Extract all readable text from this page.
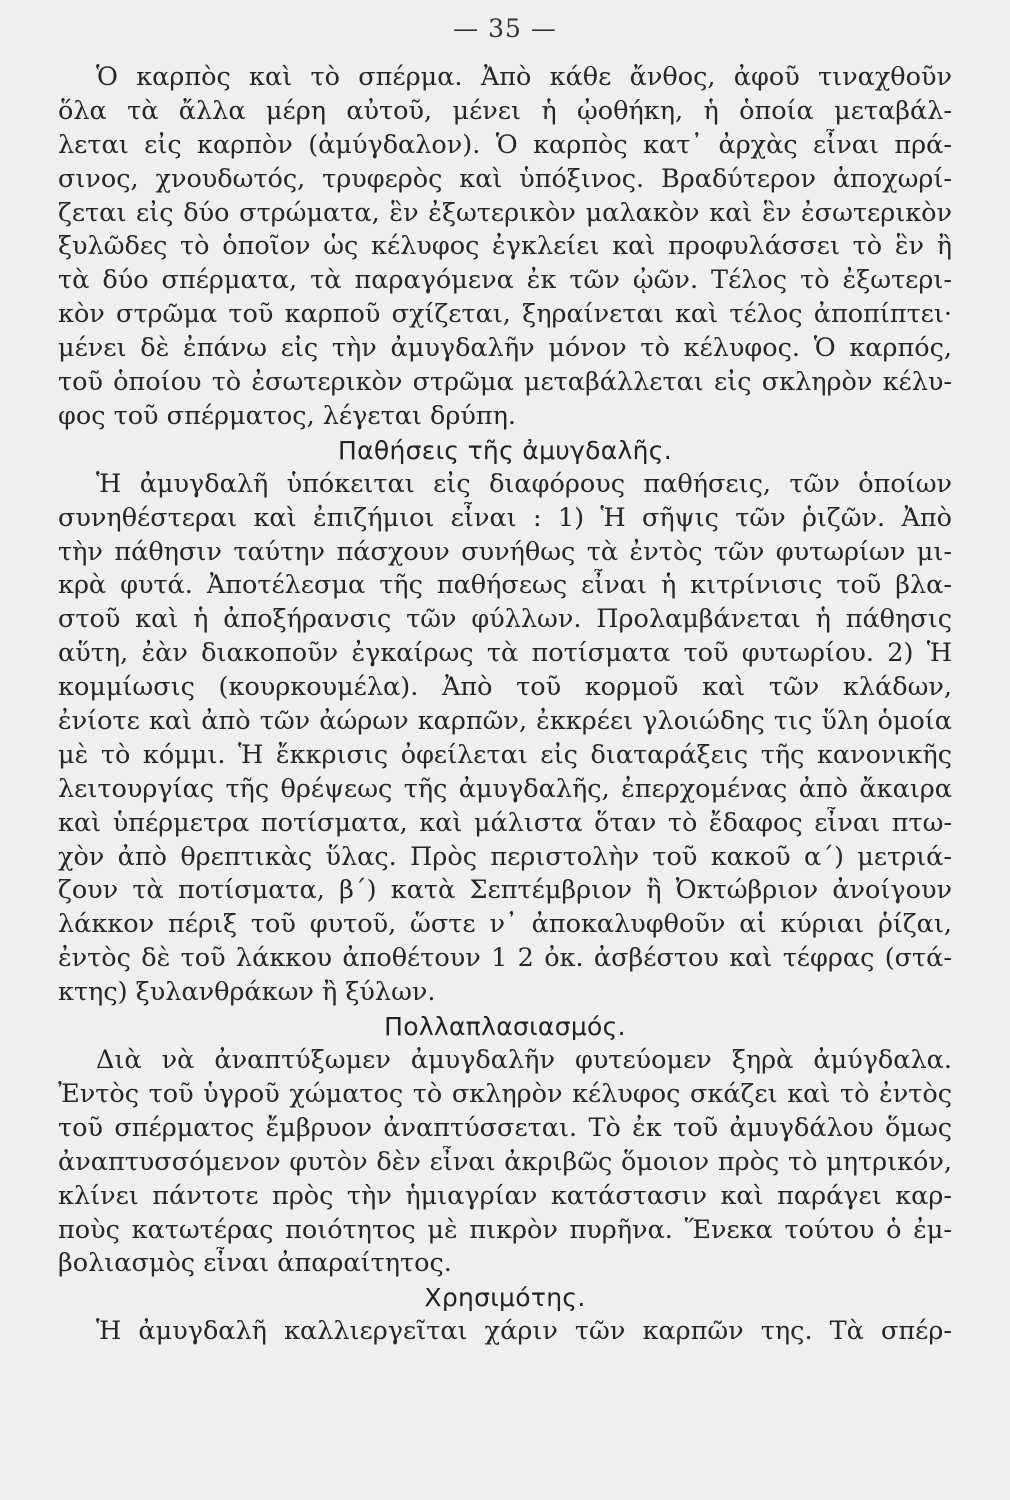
— 35 —
Ὁ καρπὸς καὶ τὸ σπέρμα. Ἀπὸ κάθε ἄνθος, ἀφοῦ τιναχθοῦν
ὅλα τὰ ἄλλα μέρη αὐτοῦ, μένει ἡ ᾠοθήκη, ἡ ὁποία μεταβάλ-
λεται εἰς καρπὸν (ἀμύγδαλον). Ὁ καρπὸς κατ᾽ ἀρχὰς εἶναι πρά-
σινος, χνουδωτός, τρυφερὸς καὶ ὑπόξινος. Βραδύτερον ἀποχωρί-
ζεται εἰς δύο στρώματα, ἓν ἐξωτερικὸν μαλακὸν καὶ ἓν ἐσωτερικὸν
ξυλῶδες τὸ ὁποῖον ὡς κέλυφος ἐγκλείει καὶ προφυλάσσει τὸ ἓν ἢ
τὰ δύο σπέρματα, τὰ παραγόμενα ἐκ τῶν ᾠῶν. Τέλος τὸ ἐξωτερι-
κὸν στρῶμα τοῦ καρποῦ σχίζεται, ξηραίνεται καὶ τέλος ἀποπίπτει·
μένει δὲ ἐπάνω εἰς τὴν ἀμυγδαλῆν μόνον τὸ κέλυφος. Ὁ καρπός,
τοῦ ὁποίου τὸ ἐσωτερικὸν στρῶμα μεταβάλλεται εἰς σκληρὸν κέλυ-
φος τοῦ σπέρματος, λέγεται δρύπη.
Παθήσεις τῆς ἀμυγδαλῆς.
Ἡ ἀμυγδαλῆ ὑπόκειται εἰς διαφόρους παθήσεις, τῶν ὁποίων
συνηθέστεραι καὶ ἐπιζήμιοι εἶναι : 1) Ἡ σῆψις τῶν ῥιζῶν. Ἀπὸ
τὴν πάθησιν ταύτην πάσχουν συνήθως τὰ ἐντὸς τῶν φυτωρίων μι-
κρὰ φυτά. Ἀποτέλεσμα τῆς παθήσεως εἶναι ἡ κιτρίνισις τοῦ βλα-
στοῦ καὶ ἡ ἀποξήρανσις τῶν φύλλων. Προλαμβάνεται ἡ πάθησις
αὕτη, ἐὰν διακοποῦν ἐγκαίρως τὰ ποτίσματα τοῦ φυτωρίου. 2) Ἡ
κομμίωσις (κουρκουμέλα). Ἀπὸ τοῦ κορμοῦ καὶ τῶν κλάδων,
ἐνίοτε καὶ ἀπὸ τῶν ἀώρων καρπῶν, ἐκκρέει γλοιώδης τις ὕλη ὁμοία
μὲ τὸ κόμμι. Ἡ ἔκκρισις ὀφείλεται εἰς διαταράξεις τῆς κανονικῆς
λειτουργίας τῆς θρέψεως τῆς ἀμυγδαλῆς, ἐπερχομένας ἀπὸ ἄκαιρα
καὶ ὑπέρμετρα ποτίσματα, καὶ μάλιστα ὅταν τὸ ἔδαφος εἶναι πτω-
χὸν ἀπὸ θρεπτικὰς ὕλας. Πρὸς περιστολὴν τοῦ κακοῦ α´) μετριά-
ζουν τὰ ποτίσματα, β´) κατὰ Σεπτέμβριον ἢ Ὀκτώβριον ἀνοίγουν
λάκκον πέριξ τοῦ φυτοῦ, ὥστε ν᾽ ἀποκαλυφθοῦν αἱ κύριαι ῥίζαι,
ἐντὸς δὲ τοῦ λάκκου ἀποθέτουν 1 2 ὀκ. ἀσβέστου καὶ τέφρας (στά-
κτης) ξυλανθράκων ἢ ξύλων.
Πολλαπλασιασμός.
Διὰ νὰ ἀναπτύξωμεν ἀμυγδαλῆν φυτεύομεν ξηρὰ ἀμύγδαλα.
Ἐντὸς τοῦ ὑγροῦ χώματος τὸ σκληρὸν κέλυφος σκάζει καὶ τὸ ἐντὸς
τοῦ σπέρματος ἔμβρυον ἀναπτύσσεται. Τὸ ἐκ τοῦ ἀμυγδάλου ὅμως
ἀναπτυσσόμενον φυτὸν δὲν εἶναι ἀκριβῶς ὅμοιον πρὸς τὸ μητρικόν,
κλίνει πάντοτε πρὸς τὴν ἡμιαγρίαν κατάστασιν καὶ παράγει καρ-
ποὺς κατωτέρας ποιότητος μὲ πικρὸν πυρῆνα. Ἕνεκα τούτου ὁ ἐμ-
βολιασμὸς εἶναι ἀπαραίτητος.
Χρησιμότης.
Ἡ ἀμυγδαλῆ καλλιεργεῖται χάριν τῶν καρπῶν της. Τὰ σπέρ-
